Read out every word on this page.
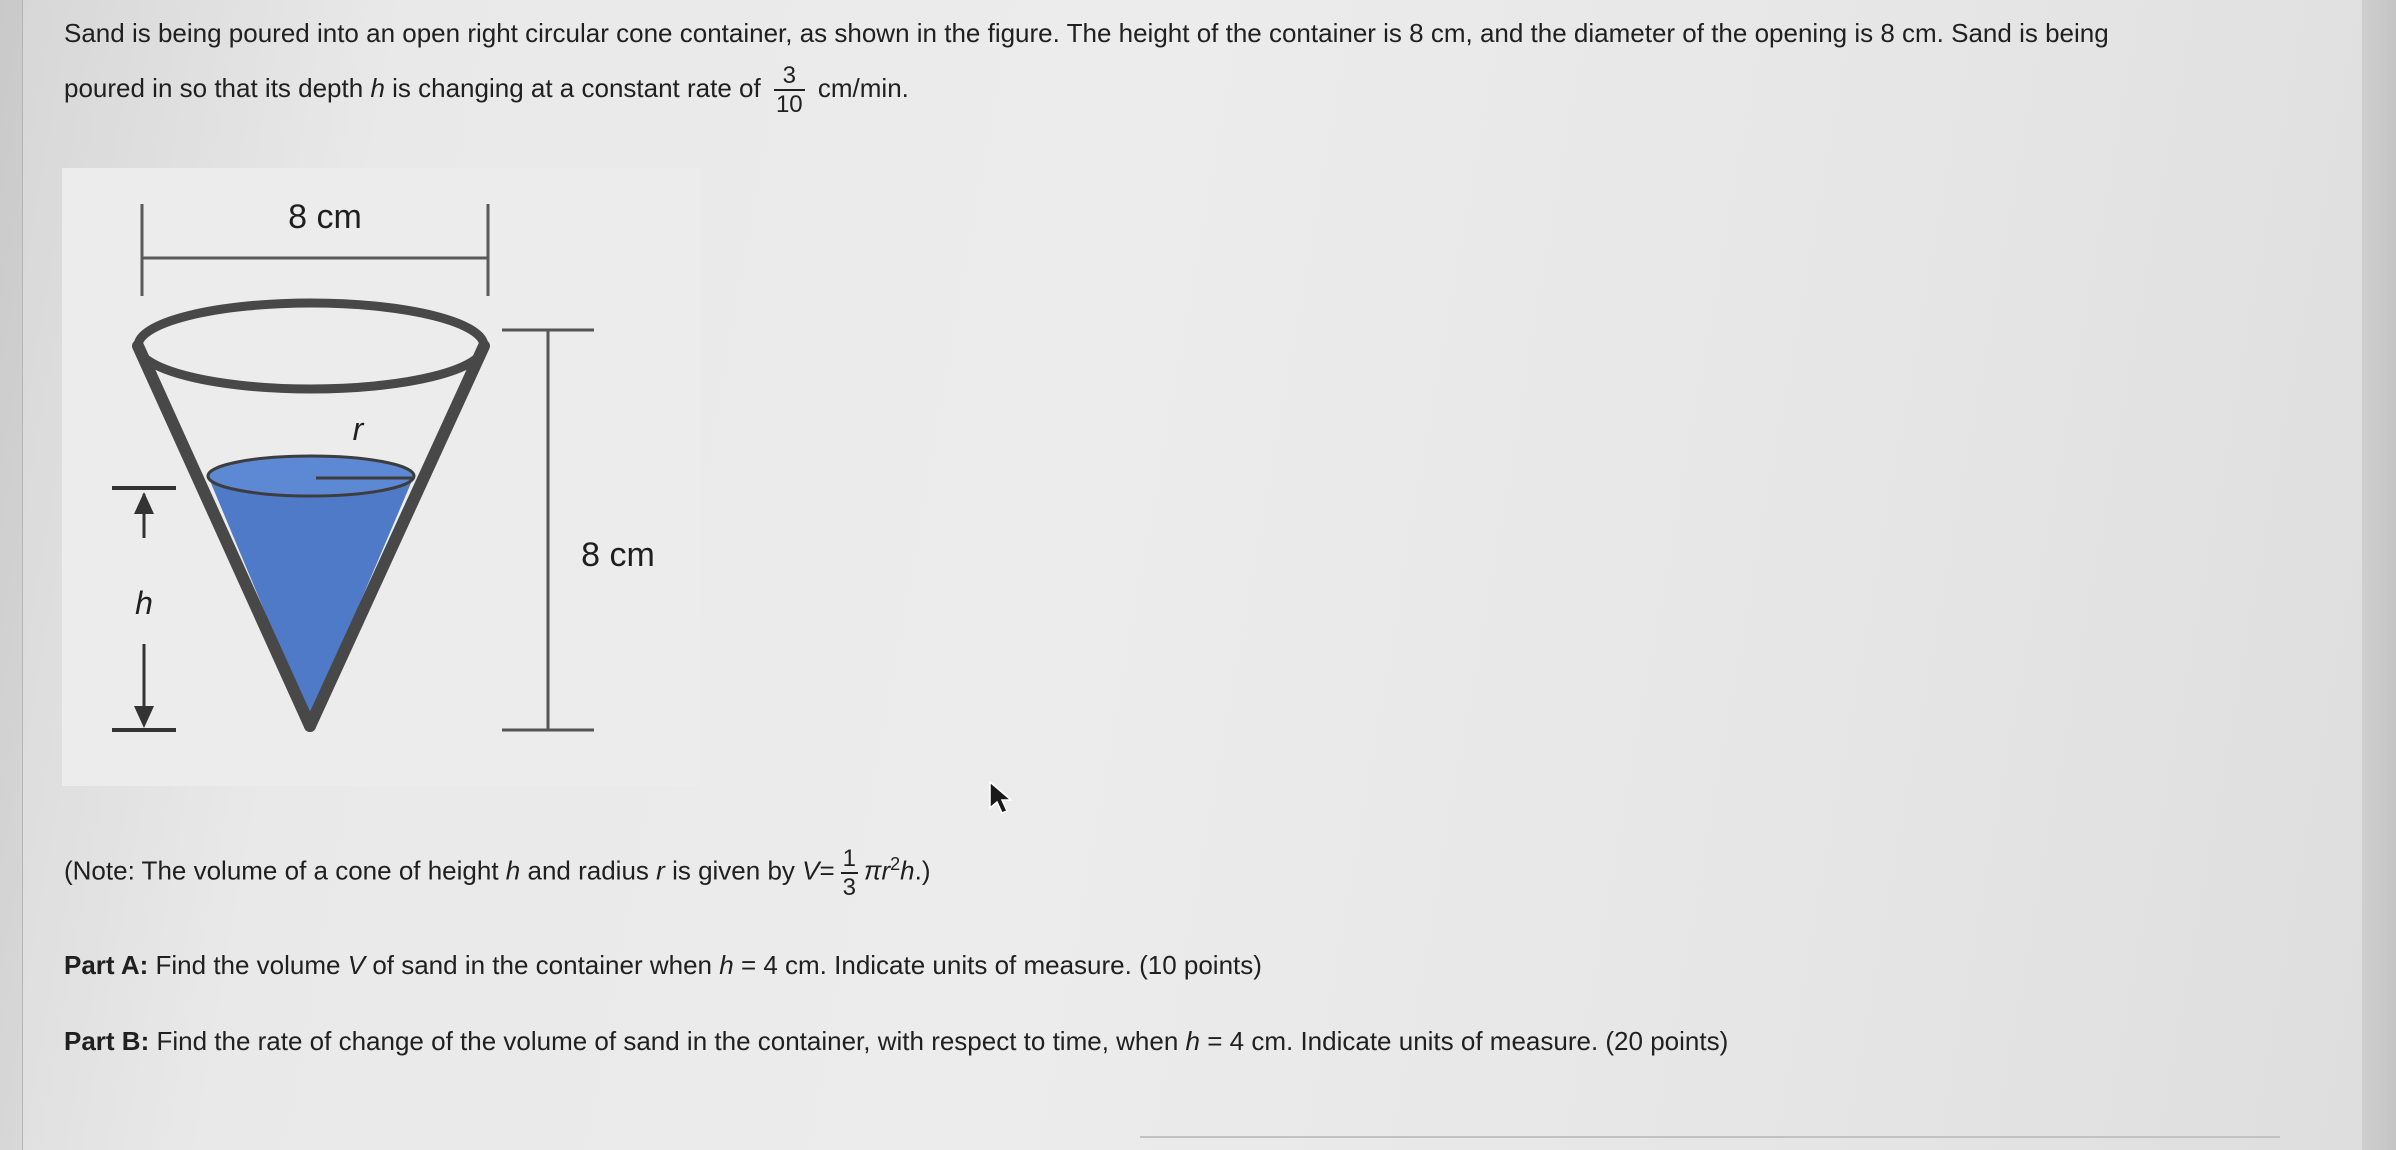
Sand is being poured into an open right circular cone container, as shown in the figure. The height of the container is 8 cm, and the diameter of the opening is 8 cm. Sand is being
poured in so that its depth h is changing at a constant rate of $\frac{3}{10} cm/\min$.
8 cm
r
8 cm
h
(Note: The volume of a cone of height h and radius r is given by $V= \frac{1}{3} \pi r^2h$.)
Part A: Find the volume V of sand in the container when h = 4 cm. Indicate units of measure. (10 points)
Part B: Find the rate of change of the volume of sand in the container, with respect to time, when h = 4 cm. Indicate units of measure. (20 points)
